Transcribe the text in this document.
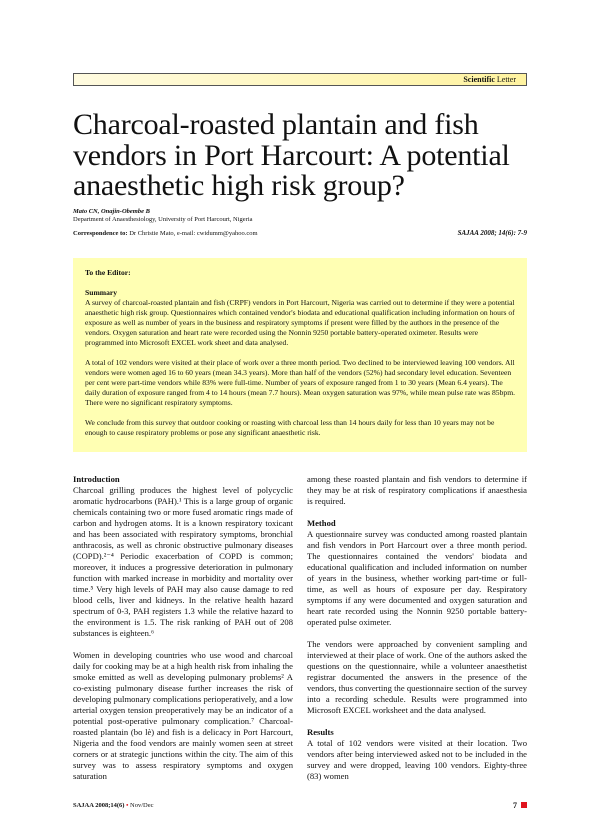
Scientific Letter
Charcoal-roasted plantain and fish vendors in Port Harcourt: A potential anaesthetic high risk group?
Mato CN, Onajin-Obembe B
Department of Anaesthesiology, University of Port Harcourt, Nigeria
Correspondence to: Dr Christie Mato, e-mail: cwidumm@yahoo.com	SAJAA 2008; 14(6): 7-9

To the Editor:

Summary

A survey of charcoal-roasted plantain and fish (CRPF) vendors in Port Harcourt, Nigeria was carried out to determine if they were a potential anaesthetic high risk group. Questionnaires which contained vendor's biodata and educational qualification including information on hours of exposure as well as number of years in the business and respiratory symptoms if present were filled by the authors in the presence of the vendors. Oxygen saturation and heart rate were recorded using the Nonnin 9250 portable battery-operated oximeter. Results were programmed into Microsoft EXCEL work sheet and data analysed.

A total of 102 vendors were visited at their place of work over a three month period. Two declined to be interviewed leaving 100 vendors. All vendors were women aged 16 to 60 years (mean 34.3 years). More than half of the vendors (52%) had secondary level education. Seventeen per cent were part-time vendors while 83% were full-time. Number of years of exposure ranged from 1 to 30 years (Mean 6.4 years). The daily duration of exposure ranged from 4 to 14 hours (mean 7.7 hours). Mean oxygen saturation was 97%, while mean pulse rate was 85bpm. There were no significant respiratory symptoms.

We conclude from this survey that outdoor cooking or roasting with charcoal less than 14 hours daily for less than 10 years may not be enough to cause respiratory problems or pose any significant anaesthetic risk.

Introduction

Charcoal grilling produces the highest level of polycyclic aromatic hydrocarbons (PAH).¹ This is a large group of organic chemicals containing two or more fused aromatic rings made of carbon and hydrogen atoms. It is a known respiratory toxicant and has been associated with respiratory symptoms, bronchial anthracosis, as well as chronic obstructive pulmonary diseases (COPD).²⁻⁴ Periodic exacerbation of COPD is common; moreover, it induces a progressive deterioration in pulmonary function with marked increase in morbidity and mortality over time.⁵ Very high levels of PAH may also cause damage to red blood cells, liver and kidneys. In the relative health hazard spectrum of 0-3, PAH registers 1.3 while the relative hazard to the environment is 1.5. The risk ranking of PAH out of 208 substances is eighteen.⁶

Women in developing countries who use wood and charcoal daily for cooking may be at a high health risk from inhaling the smoke emitted as well as developing pulmonary problems² A co-existing pulmonary disease further increases the risk of developing pulmonary complications perioperatively, and a low arterial oxygen tension preoperatively may be an indicator of a potential post-operative pulmonary complication.⁷ Charcoal-roasted plantain (bo lè) and fish is a delicacy in Port Harcourt, Nigeria and the food vendors are mainly women seen at street corners or at strategic junctions within the city. The aim of this survey was to assess respiratory symptoms and oxygen saturation

among these roasted plantain and fish vendors to determine if they may be at risk of respiratory complications if anaesthesia is required.

Method

A questionnaire survey was conducted among roasted plantain and fish vendors in Port Harcourt over a three month period. The questionnaires contained the vendors' biodata and educational qualification and included information on number of years in the business, whether working part-time or full-time, as well as hours of exposure per day. Respiratory symptoms if any were documented and oxygen saturation and heart rate recorded using the Nonnin 9250 portable battery-operated pulse oximeter.

The vendors were approached by convenient sampling and interviewed at their place of work. One of the authors asked the questions on the questionnaire, while a volunteer anaesthetist registrar documented the answers in the presence of the vendors, thus converting the questionnaire section of the survey into a recording schedule. Results were programmed into Microsoft EXCEL worksheet and the data analysed.

Results

A total of 102 vendors were visited at their location. Two vendors after being interviewed asked not to be included in the survey and were dropped, leaving 100 vendors. Eighty-three (83) women

SAJAA 2008;14(6) • Nov/Dec	7
